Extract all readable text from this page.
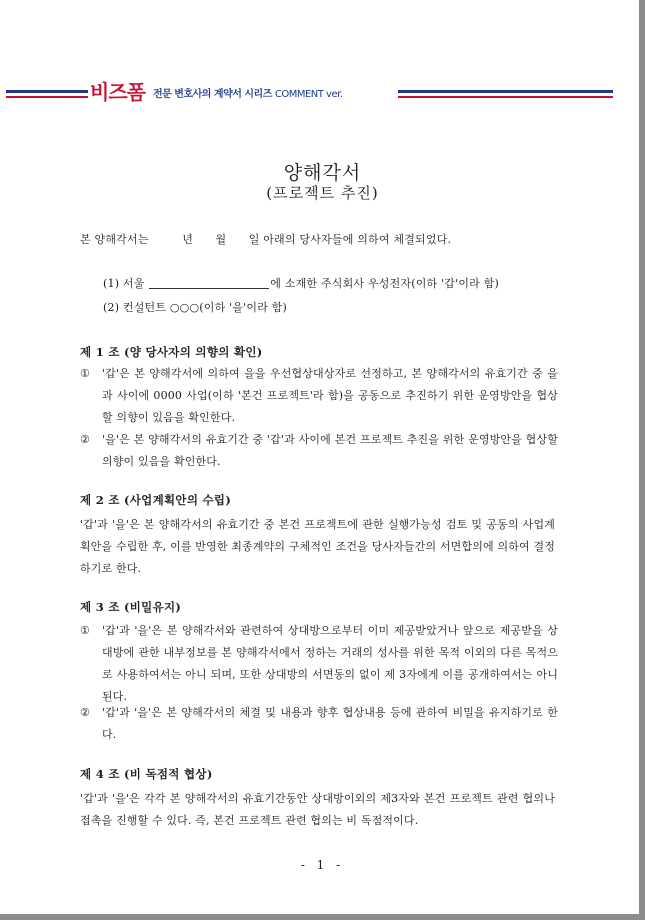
비즈폼 전문 변호사의 계약서 시리즈 COMMENT ver.
양해각서
(프로젝트 추진)
본 양해각서는　　　년　　월　　일 아래의 당사자들에 의하여 체결되었다.
(1) 서울	에 소재한 주식회사 우성전자(이하 '갑'이라 함)
(2) 컨설턴트 ○○○(이하 '을'이라 함)
제 1 조 (양 당사자의 의향의 확인)
① '갑'은 본 양해각서에 의하여 을을 우선협상대상자로 선정하고, 본 양해각서의 유효기간 중 을과 사이에 0000 사업(이하 '본건 프로젝트'라 함)을 공동으로 추진하기 위한 운영방안을 협상할 의향이 있음을 확인한다.
② '을'은 본 양해각서의 유효기간 중 '갑'과 사이에 본건 프로젝트 추진을 위한 운영방안을 협상할 의향이 있음을 확인한다.
제 2 조 (사업계획안의 수립)
'갑'과 '을'은 본 양해각서의 유효기간 중 본건 프로젝트에 관한 실행가능성 검토 및 공동의 사업계획안을 수립한 후, 이를 반영한 최종계약의 구체적인 조건을 당사자들간의 서면합의에 의하여 결정하기로 한다.
제 3 조 (비밀유지)
① '갑'과 '을'은 본 양해각서와 관련하여 상대방으로부터 이미 제공받았거나 앞으로 제공받을 상대방에 관한 내부정보를 본 양해각서에서 정하는 거래의 성사를 위한 목적 이외의 다른 목적으로 사용하여서는 아니 되며, 또한 상대방의 서면동의 없이 제 3자에게 이를 공개하여서는 아니 된다.
② '갑'과 '을'은 본 양해각서의 체결 및 내용과 향후 협상내용 등에 관하여 비밀을 유지하기로 한다.
제 4 조 (비 독점적 협상)
'갑'과 '을'은 각각 본 양해각서의 유효기간동안 상대방이외의 제3자와 본건 프로젝트 관련 협의나 접촉을 진행할 수 있다. 즉, 본건 프로젝트 관련 협의는 비 독점적이다.
- 1 -
